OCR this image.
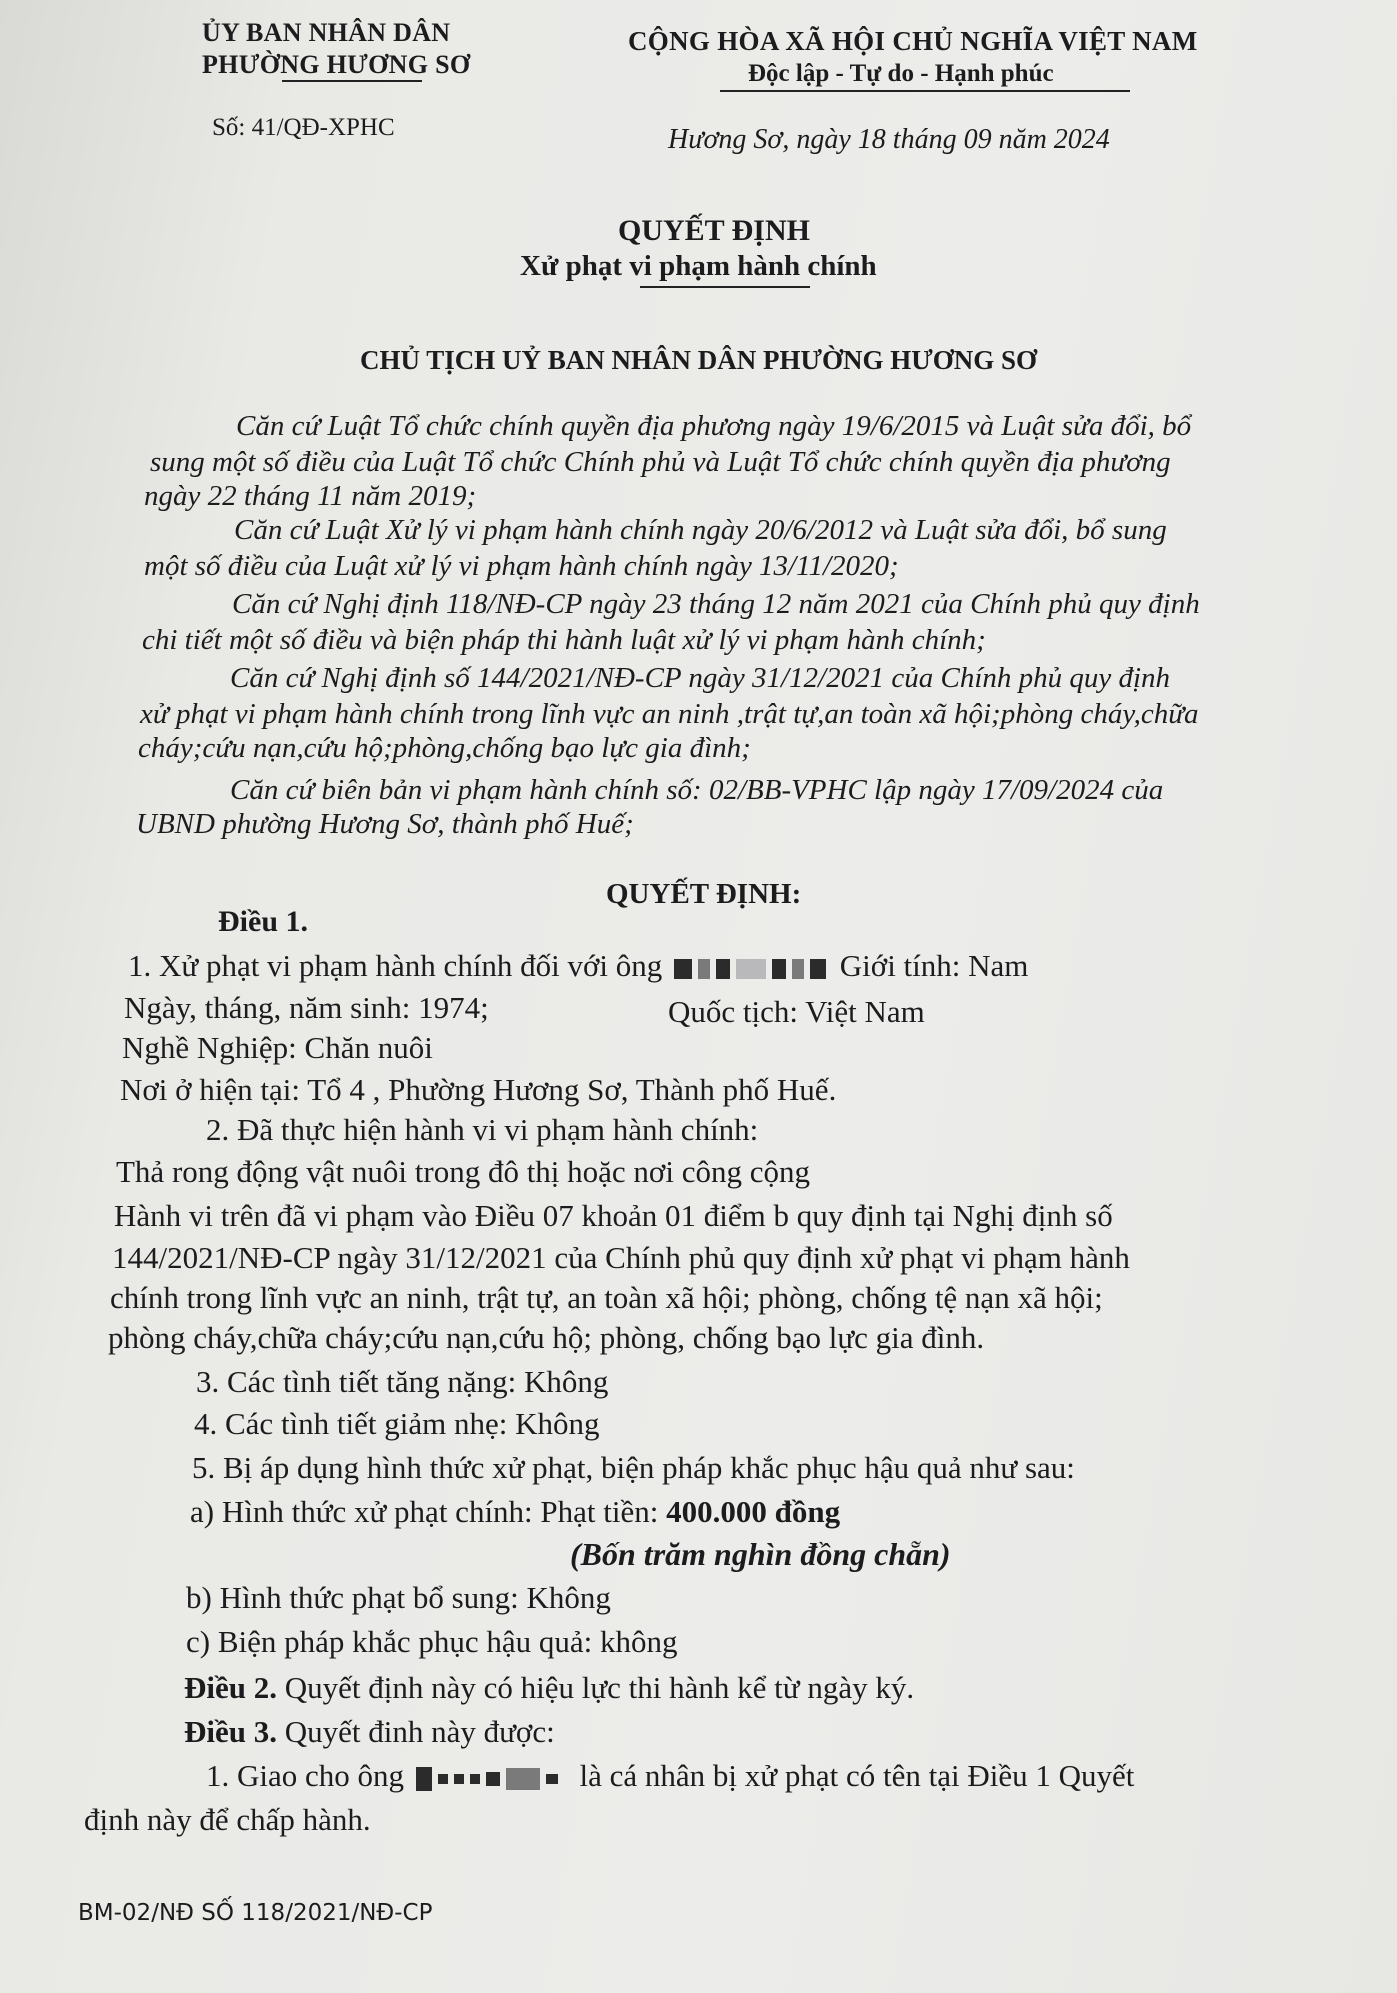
ỦY BAN NHÂN DÂN
PHƯỜNG HƯƠNG SƠ
Số: 41/QĐ-XPHC
CỘNG HÒA XÃ HỘI CHỦ NGHĨA VIỆT NAM
Độc lập - Tự do - Hạnh phúc
Hương Sơ, ngày 18 tháng 09 năm 2024
QUYẾT ĐỊNH
Xử phạt vi phạm hành chính
CHỦ TỊCH UỶ BAN NHÂN DÂN PHƯỜNG HƯƠNG SƠ
Căn cứ Luật Tổ chức chính quyền địa phương ngày 19/6/2015 và Luật sửa đổi, bổ
sung một số điều của Luật Tổ chức Chính phủ và Luật Tổ chức chính quyền địa phương
ngày 22 tháng 11 năm 2019;
Căn cứ Luật Xử lý vi phạm hành chính ngày 20/6/2012 và Luật sửa đổi, bổ sung
một số điều của Luật xử lý vi phạm hành chính ngày 13/11/2020;
Căn cứ Nghị định 118/NĐ-CP ngày 23 tháng 12 năm 2021 của Chính phủ quy định
chi tiết một số điều và biện pháp thi hành luật xử lý vi phạm hành chính;
Căn cứ Nghị định số 144/2021/NĐ-CP ngày 31/12/2021 của Chính phủ quy định
xử phạt vi phạm hành chính trong lĩnh vực an ninh ,trật tự,an toàn xã hội;phòng cháy,chữa
cháy;cứu nạn,cứu hộ;phòng,chống bạo lực gia đình;
Căn cứ biên bản vi phạm hành chính số: 02/BB-VPHC lập ngày 17/09/2024 của
UBND phường Hương Sơ, thành phố Huế;
QUYẾT ĐỊNH:
Điều 1.
1. Xử phạt vi phạm hành chính đối với ông	Giới tính: Nam
Ngày, tháng, năm sinh: 1974;	Quốc tịch: Việt Nam
Nghề Nghiệp: Chăn nuôi
Nơi ở hiện tại: Tổ 4 , Phường Hương Sơ, Thành phố Huế.
2. Đã thực hiện hành vi vi phạm hành chính:
Thả rong động vật nuôi trong đô thị hoặc nơi công cộng
Hành vi trên đã vi phạm vào Điều 07 khoản 01 điểm b quy định tại Nghị định số
144/2021/NĐ-CP ngày 31/12/2021 của Chính phủ quy định xử phạt vi phạm hành
chính trong lĩnh vực an ninh, trật tự, an toàn xã hội; phòng, chống tệ nạn xã hội;
phòng cháy,chữa cháy;cứu nạn,cứu hộ; phòng, chống bạo lực gia đình.
3. Các tình tiết tăng nặng: Không
4. Các tình tiết giảm nhẹ: Không
5. Bị áp dụng hình thức xử phạt, biện pháp khắc phục hậu quả như sau:
a) Hình thức xử phạt chính: Phạt tiền: 400.000 đồng
(Bốn trăm nghìn đồng chẵn)
b) Hình thức phạt bổ sung: Không
c) Biện pháp khắc phục hậu quả: không
Điều 2. Quyết định này có hiệu lực thi hành kể từ ngày ký.
Điều 3. Quyết đinh này được:
1. Giao cho ông	là cá nhân bị xử phạt có tên tại Điều 1 Quyết
định này để chấp hành.
BM-02/NĐ SỐ 118/2021/NĐ-CP
